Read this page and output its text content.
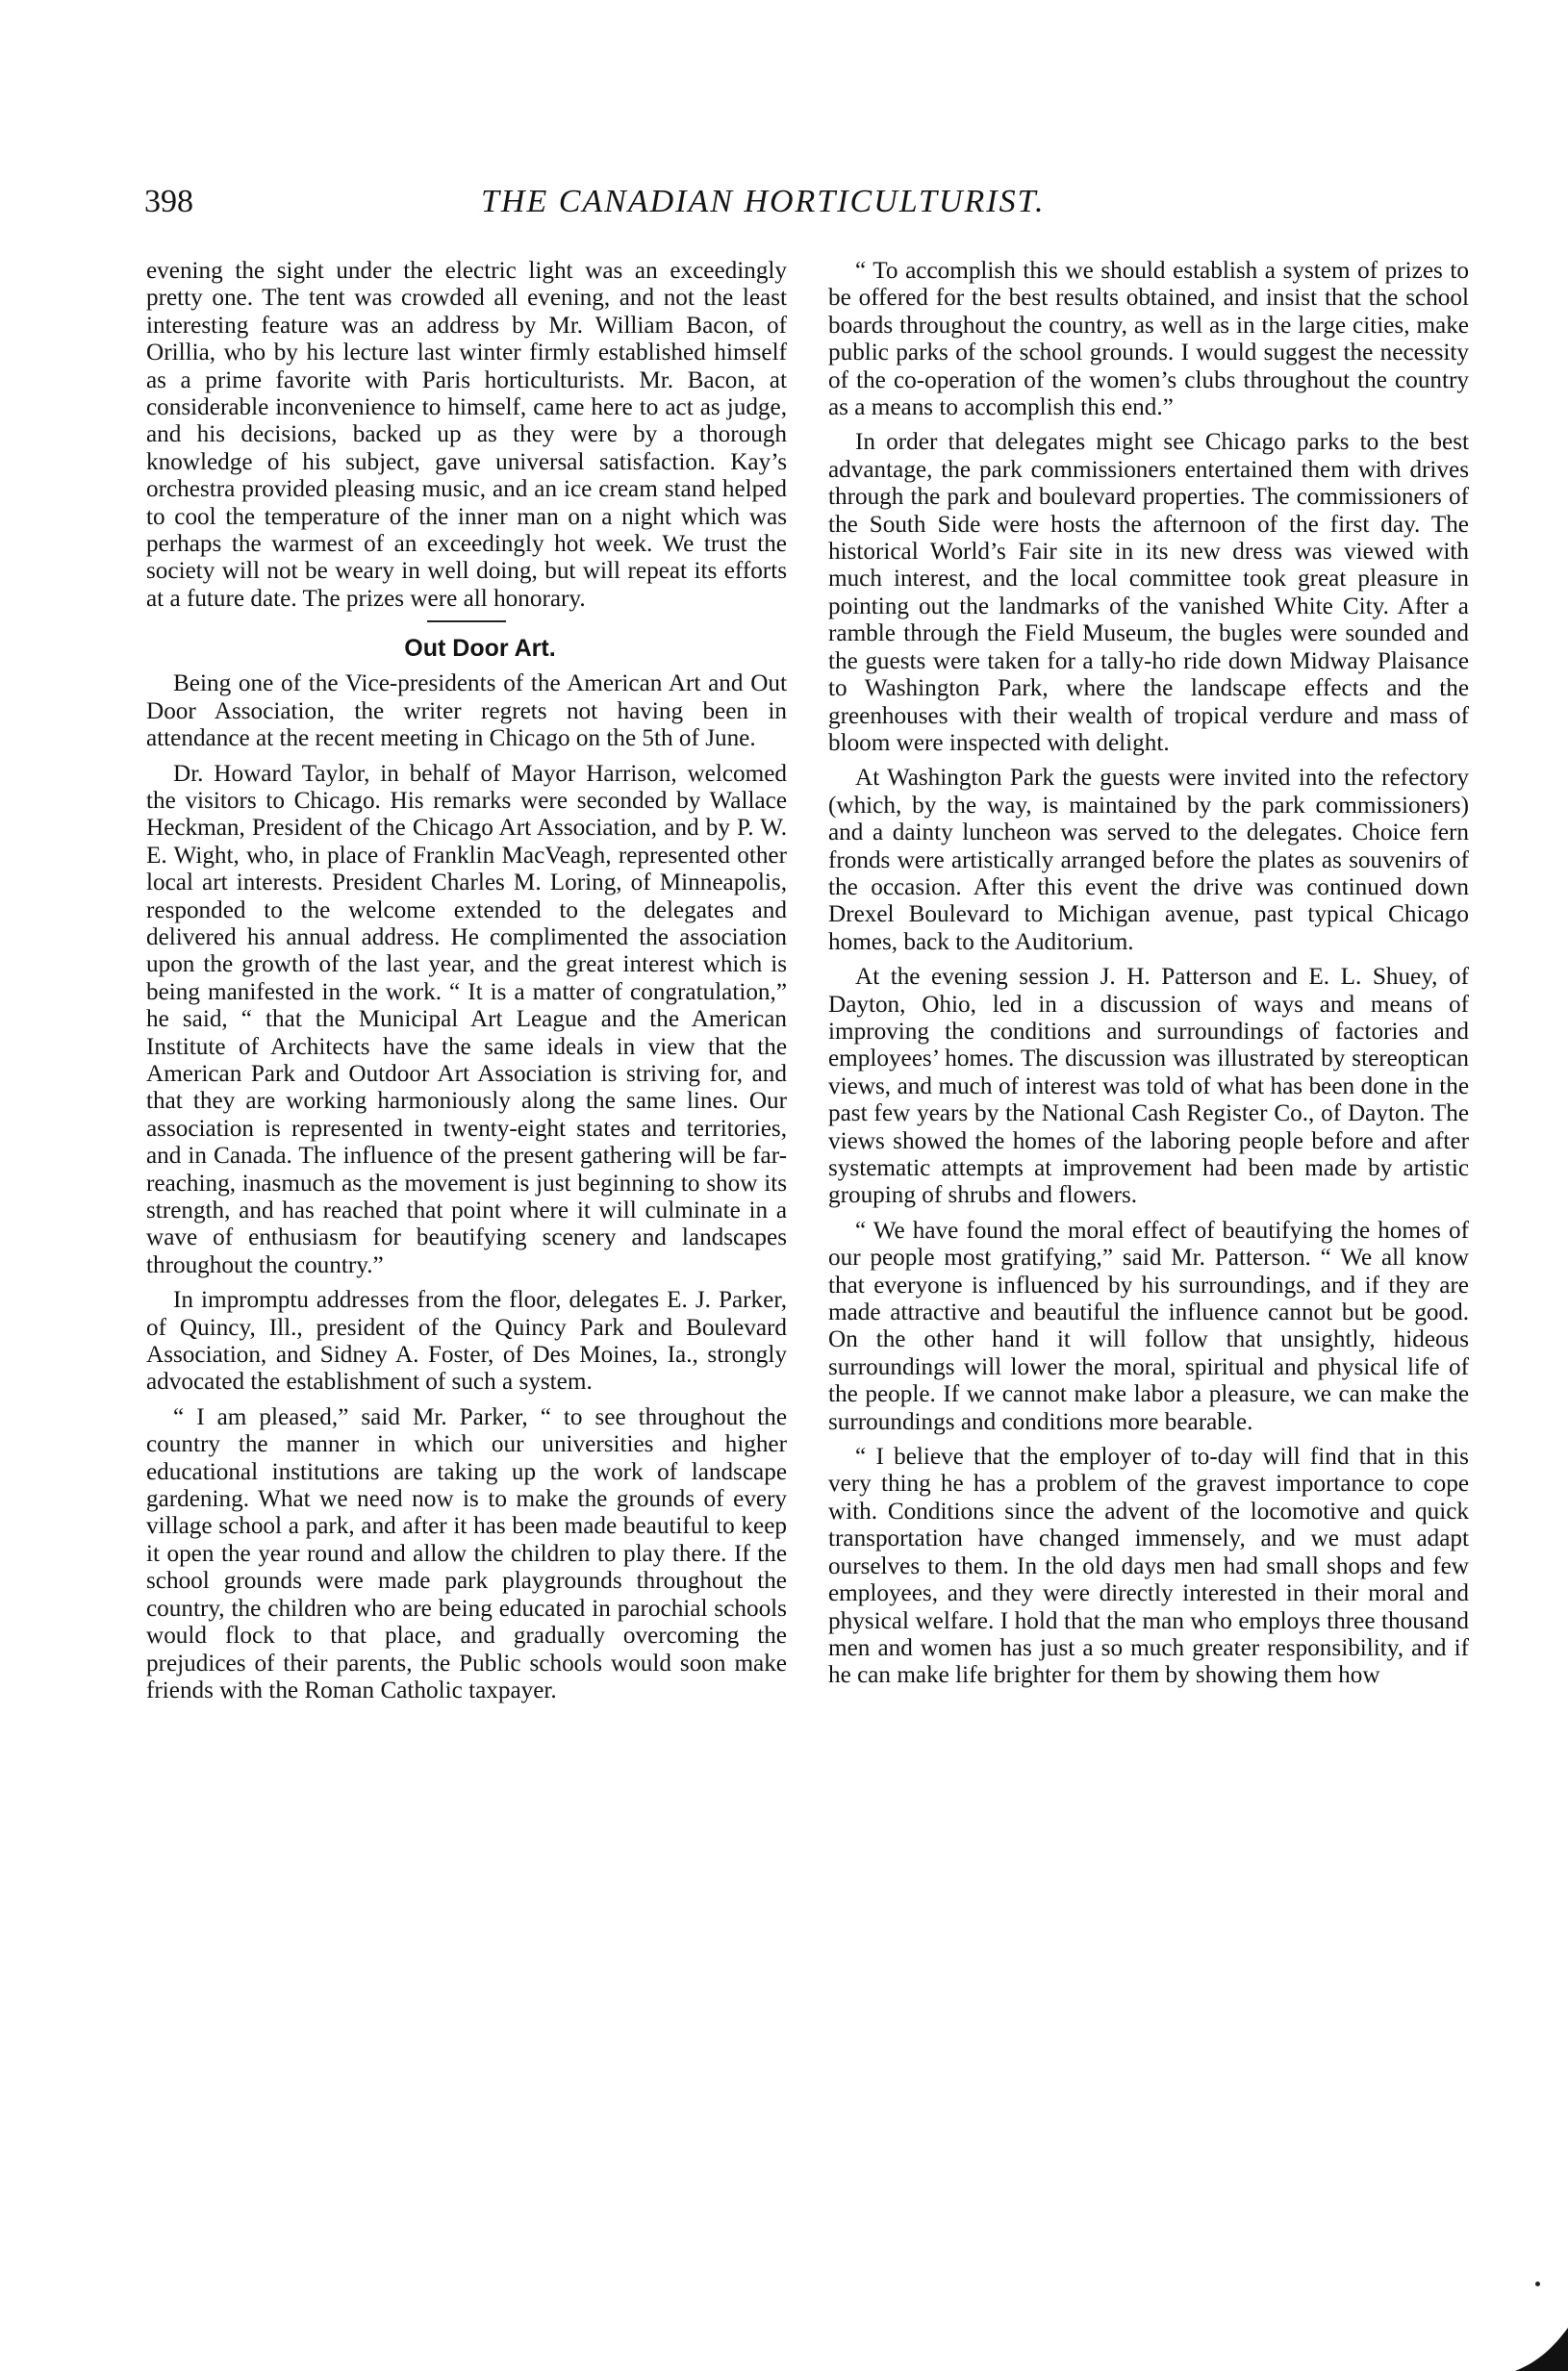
398	THE CANADIAN HORTICULTURIST.

evening the sight under the electric light was an exceedingly pretty one. The tent was crowded all evening, and not the least interesting feature was an address by Mr. William Bacon, of Orillia, who by his lecture last winter firmly established himself as a prime favorite with Paris horticulturists. Mr. Bacon, at considerable inconvenience to himself, came here to act as judge, and his decisions, backed up as they were by a thorough knowledge of his subject, gave universal satisfaction. Kay’s orchestra provided pleasing music, and an ice cream stand helped to cool the temperature of the inner man on a night which was perhaps the warmest of an exceedingly hot week. We trust the society will not be weary in well doing, but will repeat its efforts at a future date. The prizes were all honorary.

Out Door Art.

Being one of the Vice-presidents of the American Art and Out Door Association, the writer regrets not having been in attendance at the recent meeting in Chicago on the 5th of June.

Dr. Howard Taylor, in behalf of Mayor Harrison, welcomed the visitors to Chicago. His remarks were seconded by Wallace Heckman, President of the Chicago Art Association, and by P. W. E. Wight, who, in place of Franklin MacVeagh, represented other local art interests. President Charles M. Loring, of Minneapolis, responded to the welcome extended to the delegates and delivered his annual address. He complimented the association upon the growth of the last year, and the great interest which is being manifested in the work. “ It is a matter of congratulation,” he said, “ that the Municipal Art League and the American Institute of Architects have the same ideals in view that the American Park and Outdoor Art Association is striving for, and that they are working harmoniously along the same lines. Our association is represented in twenty-eight states and territories, and in Canada. The influence of the present gathering will be far-reaching, inasmuch as the movement is just beginning to show its strength, and has reached that point where it will culminate in a wave of enthusiasm for beautifying scenery and landscapes throughout the country.”

In impromptu addresses from the floor, delegates E. J. Parker, of Quincy, Ill., president of the Quincy Park and Boulevard Association, and Sidney A. Foster, of Des Moines, Ia., strongly advocated the establishment of such a system.

“ I am pleased,” said Mr. Parker, “ to see throughout the country the manner in which our universities and higher educational institutions are taking up the work of landscape gardening. What we need now is to make the grounds of every village school a park, and after it has been made beautiful to keep it open the year round and allow the children to play there. If the school grounds were made park playgrounds throughout the country, the children who are being educated in parochial schools would flock to that place, and gradually overcoming the prejudices of their parents, the Public schools would soon make friends with the Roman Catholic taxpayer.

“ To accomplish this we should establish a system of prizes to be offered for the best results obtained, and insist that the school boards throughout the country, as well as in the large cities, make public parks of the school grounds. I would suggest the necessity of the co-operation of the women’s clubs throughout the country as a means to accomplish this end.”

In order that delegates might see Chicago parks to the best advantage, the park commissioners entertained them with drives through the park and boulevard properties. The commissioners of the South Side were hosts the afternoon of the first day. The historical World’s Fair site in its new dress was viewed with much interest, and the local committee took great pleasure in pointing out the landmarks of the vanished White City. After a ramble through the Field Museum, the bugles were sounded and the guests were taken for a tally-ho ride down Midway Plaisance to Washington Park, where the landscape effects and the greenhouses with their wealth of tropical verdure and mass of bloom were inspected with delight.

At Washington Park the guests were invited into the refectory (which, by the way, is maintained by the park commissioners) and a dainty luncheon was served to the delegates. Choice fern fronds were artistically arranged before the plates as souvenirs of the occasion. After this event the drive was continued down Drexel Boulevard to Michigan avenue, past typical Chicago homes, back to the Auditorium.

At the evening session J. H. Patterson and E. L. Shuey, of Dayton, Ohio, led in a discussion of ways and means of improving the conditions and surroundings of factories and employees’ homes. The discussion was illustrated by stereoptican views, and much of interest was told of what has been done in the past few years by the National Cash Register Co., of Dayton. The views showed the homes of the laboring people before and after systematic attempts at improvement had been made by artistic grouping of shrubs and flowers.

“ We have found the moral effect of beautifying the homes of our people most gratifying,” said Mr. Patterson. “ We all know that everyone is influenced by his surroundings, and if they are made attractive and beautiful the influence cannot but be good. On the other hand it will follow that unsightly, hideous surroundings will lower the moral, spiritual and physical life of the people. If we cannot make labor a pleasure, we can make the surroundings and conditions more bearable.

“ I believe that the employer of to-day will find that in this very thing he has a problem of the gravest importance to cope with. Conditions since the advent of the locomotive and quick transportation have changed immensely, and we must adapt ourselves to them. In the old days men had small shops and few employees, and they were directly interested in their moral and physical welfare. I hold that the man who employs three thousand men and women has just a so much greater responsibility, and if he can make life brighter for them by showing them how
